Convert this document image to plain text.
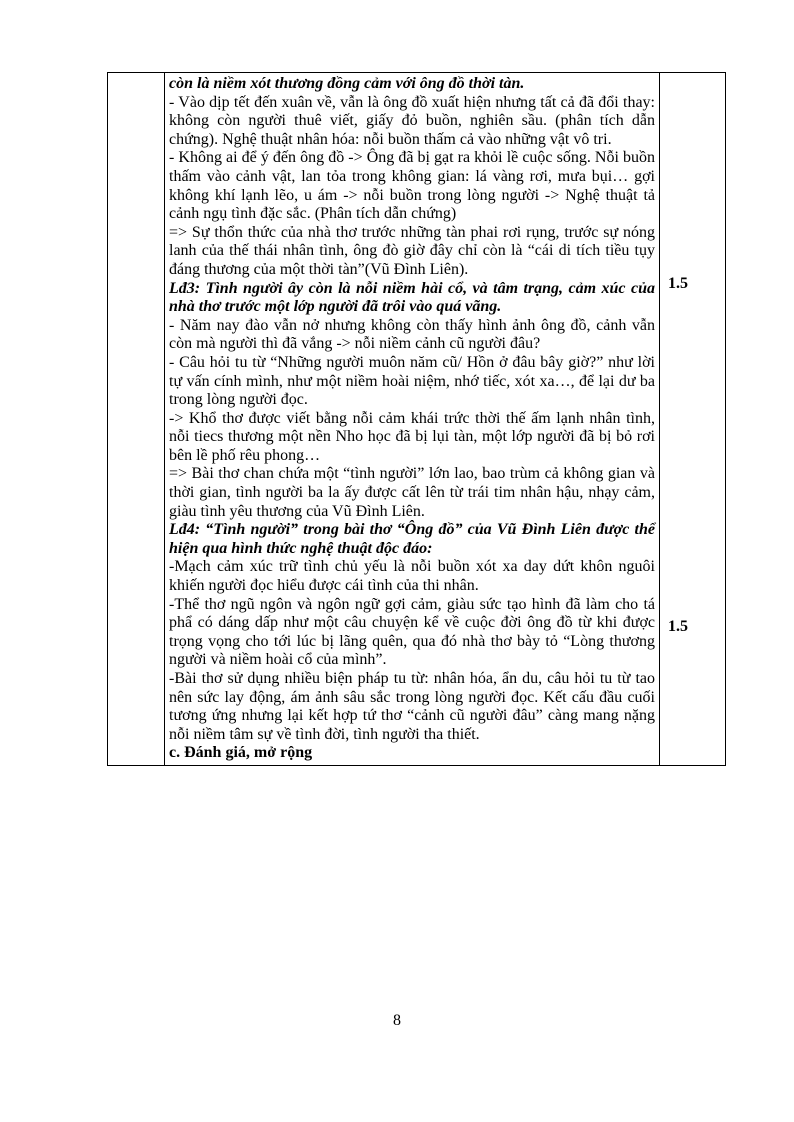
còn là niềm xót thương đồng cảm với ông đồ thời tàn.

- Vào dịp tết đến xuân về, vẫn là ông đồ xuất hiện nhưng tất cả đã đổi thay: không còn người thuê viết, giấy đỏ buồn, nghiên sầu. (phân tích dẫn chứng). Nghệ thuật nhân hóa: nỗi buồn thấm cả vào những vật vô tri.

- Không ai để ý đến ông đồ -> Ông đã bị gạt ra khỏi lề cuộc sống. Nỗi buồn thấm vào cảnh vật, lan tỏa trong không gian: lá vàng rơi, mưa bụi… gợi không khí lạnh lẽo, u ám -> nỗi buồn trong lòng người -> Nghệ thuật tả cảnh ngụ tình đặc sắc. (Phân tích dẫn chứng)

=> Sự thổn thức của nhà thơ trước những tàn phai rơi rụng, trước sự nóng lanh của thế thái nhân tình, ông đò giờ đây chỉ còn là “cái di tích tiều tụy đáng thương của một thời tàn”(Vũ Đình Liên).

Lđ3: Tình người ây còn là nỗi niềm hài cổ, và tâm trạng, cảm xúc của nhà thơ trước một lớp người đã trôi vào quá vãng.

- Năm nay đào vẫn nở nhưng không còn thấy hình ảnh ông đồ, cảnh vẫn còn mà người thì đã vắng -> nỗi niềm cảnh cũ người đâu?

- Câu hỏi tu từ “Những người muôn năm cũ/ Hồn ở đâu bây giờ?” như lời tự vấn cính mình, như một niềm hoài niệm, nhớ tiếc, xót xa…, để lại dư ba trong lòng người đọc.

-> Khổ thơ được viết bằng nỗi cảm khái trức thời thế ấm lạnh nhân tình, nỗi tiecs thương một nền Nho học đã bị lụi tàn, một lớp người đã bị bỏ rơi bên lề phố rêu phong…

=> Bài thơ chan chứa một “tình người” lớn lao, bao trùm cả không gian và thời gian, tình người ba la ấy được cất lên từ trái tim nhân hậu, nhạy cảm, giàu tình yêu thương của Vũ Đình Liên.

Lđ4: “Tình người” trong bài thơ “Ông đồ” của Vũ Đình Liên được thể hiện qua hình thức nghệ thuật độc đáo:

-Mạch cảm xúc trữ tình chủ yếu là nỗi buồn xót xa day dứt khôn nguôi khiến người đọc hiểu được cái tình của thi nhân.

-Thể thơ ngũ ngôn và ngôn ngữ gợi cảm, giàu sức tạo hình đã làm cho tá phẩ có dáng dấp như một câu chuyện kể về cuộc đời ông đồ từ khi được trọng vọng cho tới lúc bị lãng quên, qua đó nhà thơ bày tỏ “Lòng thương người và niềm hoài cổ của mình”.

-Bài thơ sử dụng nhiều biện pháp tu từ: nhân hóa, ẩn du, câu hỏi tu từ tao nên sức lay động, ám ảnh sâu sắc trong lòng người đọc. Kết cấu đầu cuối tương ứng nhưng lại kết hợp tứ thơ “cảnh cũ người đâu” càng mang nặng nỗi niềm tâm sự về tình đời, tình người tha thiết.

c. Đánh giá, mở rộng

1.5
1.5
8
